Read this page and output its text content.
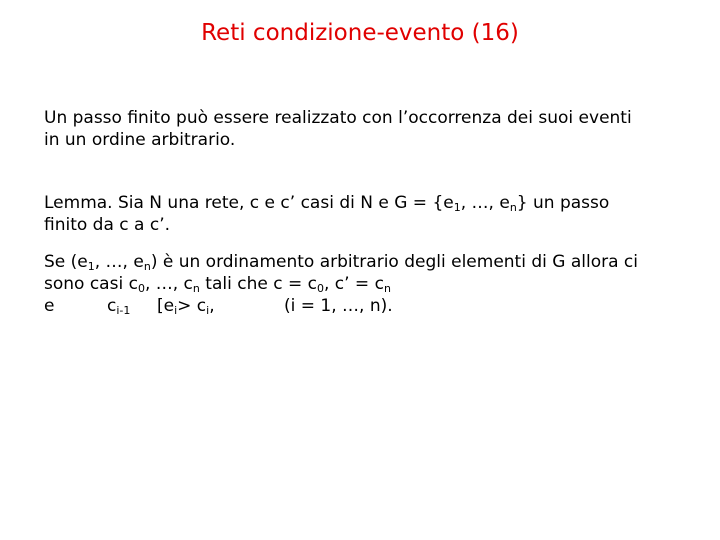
Reti condizione-evento (16)
Un passo finito può essere realizzato con l’occorrenza dei suoi eventi
in un ordine arbitrario.
Lemma. Sia N una rete, c e c’ casi di N e $G = \{e_1$, …, $e_n$} un passo
finito da c a c’.
Se ($e_1$, …, $e_n$) è un ordinamento arbitrario degli elementi di G allora ci
sono casi $c_0$, …, $c_n$ tali che $c = c_0$, c’ = $c_n$
e	$c_{i-1}$ [$e_i> c_i$,	(i = 1, …, n).
